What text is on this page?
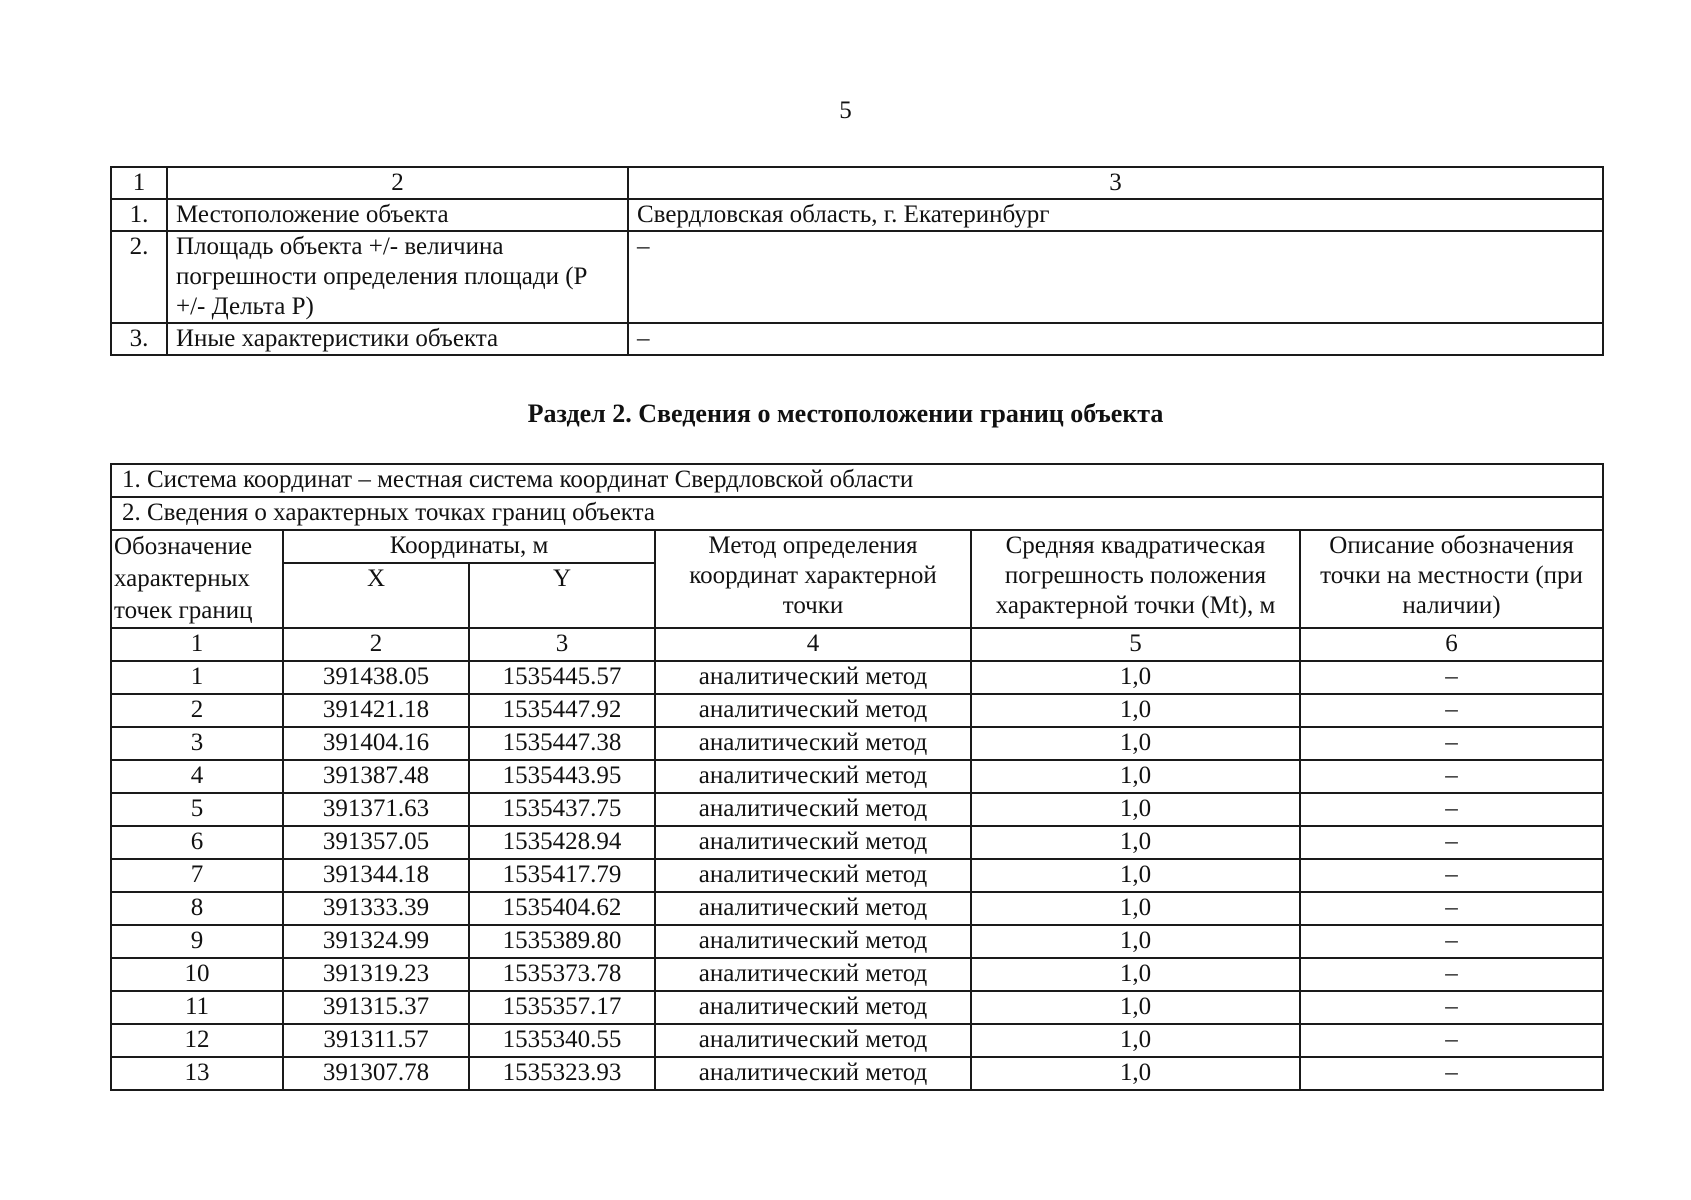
5
1	2	3
1.	Местоположение объекта	Свердловская область, г. Екатеринбург
2.	Площадь объекта +/- величина погрешности определения площади (Р +/- Дельта Р)	–
3.	Иные характеристики объекта	–
Раздел 2. Сведения о местоположении границ объекта
1. Система координат – местная система координат Свердловской области					
2. Сведения о характерных точках границ объекта					
Обозначение характерных точек границ	Координаты, м		Метод определения координат характерной точки	Средняя квадратическая погрешность положения характерной точки (Mt), м	Описание обозначения точки на местности (при наличии)
	X	Y			
1	2	3	4	5	6
1	391438.05	1535445.57	аналитический метод	1,0	–
2	391421.18	1535447.92	аналитический метод	1,0	–
3	391404.16	1535447.38	аналитический метод	1,0	–
4	391387.48	1535443.95	аналитический метод	1,0	–
5	391371.63	1535437.75	аналитический метод	1,0	–
6	391357.05	1535428.94	аналитический метод	1,0	–
7	391344.18	1535417.79	аналитический метод	1,0	–
8	391333.39	1535404.62	аналитический метод	1,0	–
9	391324.99	1535389.80	аналитический метод	1,0	–
10	391319.23	1535373.78	аналитический метод	1,0	–
11	391315.37	1535357.17	аналитический метод	1,0	–
12	391311.57	1535340.55	аналитический метод	1,0	–
13	391307.78	1535323.93	аналитический метод	1,0	–
